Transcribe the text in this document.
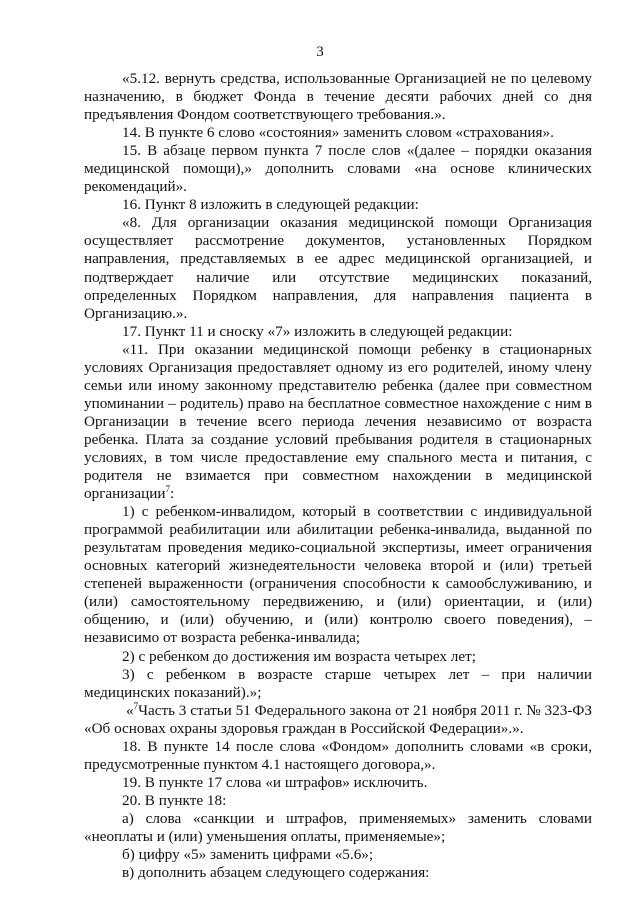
3

«5.12. вернуть средства, использованные Организацией не по целевому назначению, в бюджет Фонда в течение десяти рабочих дней со дня предъявления Фондом соответствующего требования.».

14. В пункте 6 слово «состояния» заменить словом «страхования».

15. В абзаце первом пункта 7 после слов «(далее – порядки оказания медицинской помощи),» дополнить словами «на основе клинических рекомендаций».

16. Пункт 8 изложить в следующей редакции:

«8. Для организации оказания медицинской помощи Организация осуществляет рассмотрение документов, установленных Порядком направления, представляемых в ее адрес медицинской организацией, и подтверждает наличие или отсутствие медицинских показаний, определенных Порядком направления, для направления пациента в Организацию.».

17. Пункт 11 и сноску «7» изложить в следующей редакции:

«11. При оказании медицинской помощи ребенку в стационарных условиях Организация предоставляет одному из его родителей, иному члену семьи или иному законному представителю ребенка (далее при совместном упоминании – родитель) право на бесплатное совместное нахождение с ним в Организации в течение всего периода лечения независимо от возраста ребенка. Плата за создание условий пребывания родителя в стационарных условиях, в том числе предоставление ему спального места и питания, с родителя не взимается при совместном нахождении в медицинской организации$^7$:

1) с ребенком-инвалидом, который в соответствии с индивидуальной программой реабилитации или абилитации ребенка-инвалида, выданной по результатам проведения медико-социальной экспертизы, имеет ограничения основных категорий жизнедеятельности человека второй и (или) третьей степеней выраженности (ограничения способности к самообслуживанию, и (или) самостоятельному передвижению, и (или) ориентации, и (или) общению, и (или) обучению, и (или) контролю своего поведения), – независимо от возраста ребенка-инвалида;

2) с ребенком до достижения им возраста четырех лет;

3) с ребенком в возрасте старше четырех лет – при наличии медицинских показаний).»;

«$^7$Часть 3 статьи 51 Федерального закона от 21 ноября 2011 г. № 323-ФЗ «Об основах охраны здоровья граждан в Российской Федерации».».

18. В пункте 14 после слова «Фондом» дополнить словами «в сроки, предусмотренные пунктом 4.1 настоящего договора,».

19. В пункте 17 слова «и штрафов» исключить.

20. В пункте 18:

а) слова «санкции и штрафов, применяемых» заменить словами «неоплаты и (или) уменьшения оплаты, применяемые»;

б) цифру «5» заменить цифрами «5.6»;

в) дополнить абзацем следующего содержания:
